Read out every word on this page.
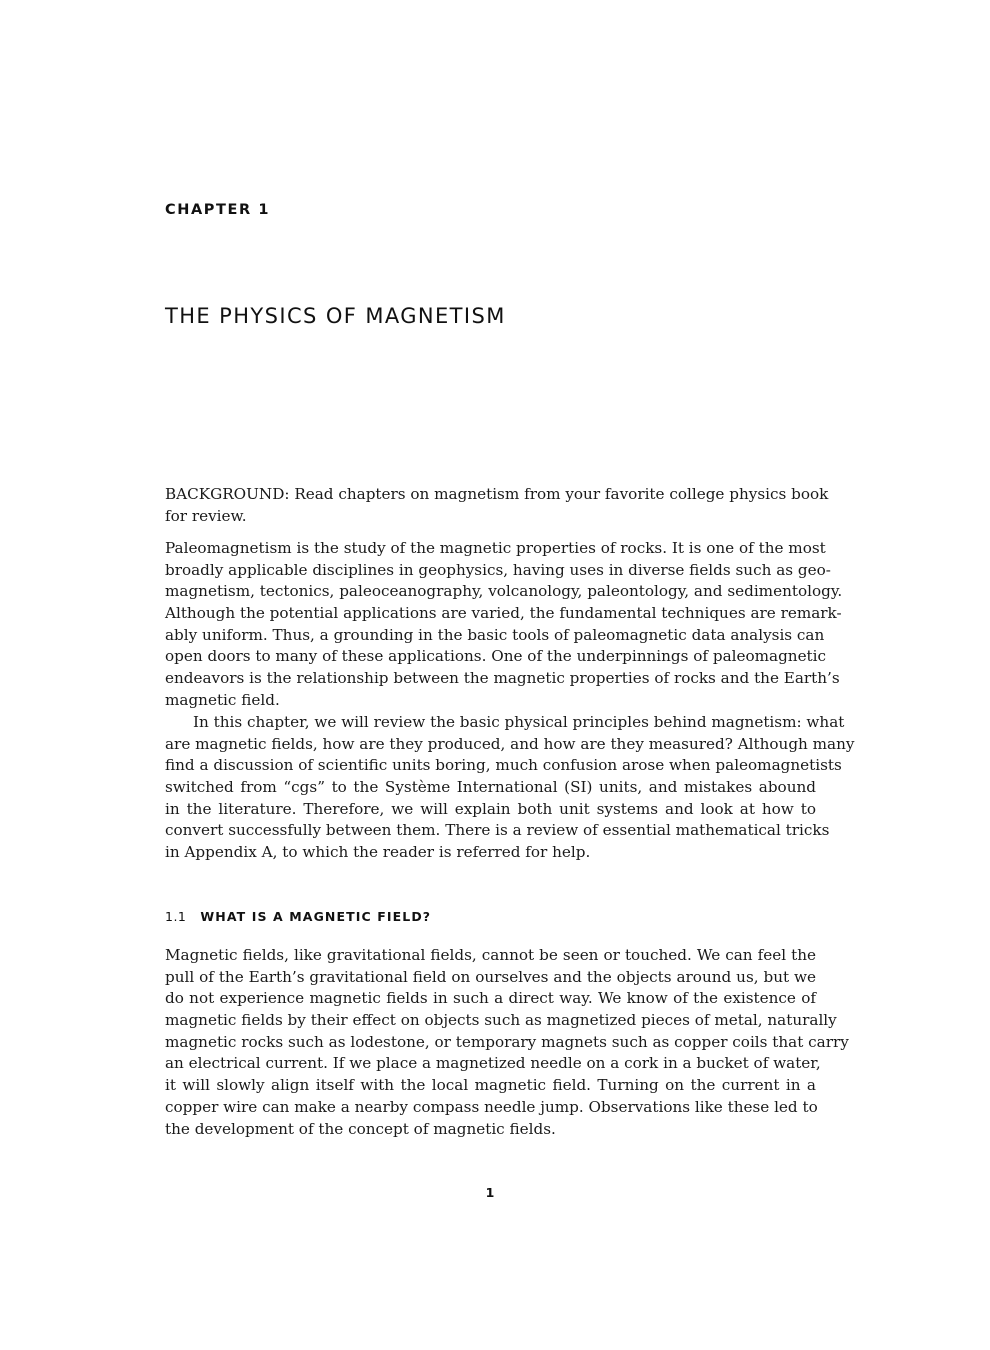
CHAPTER 1
THE PHYSICS OF MAGNETISM
BACKGROUND: Read chapters on magnetism from your favorite college physics book
for review.
Paleomagnetism is the study of the magnetic properties of rocks. It is one of the most
broadly applicable disciplines in geophysics, having uses in diverse fields such as geo-
magnetism, tectonics, paleoceanography, volcanology, paleontology, and sedimentology.
Although the potential applications are varied, the fundamental techniques are remark-
ably uniform. Thus, a grounding in the basic tools of paleomagnetic data analysis can
open doors to many of these applications. One of the underpinnings of paleomagnetic
endeavors is the relationship between the magnetic properties of rocks and the Earth’s
magnetic field.
In this chapter, we will review the basic physical principles behind magnetism: what
are magnetic fields, how are they produced, and how are they measured? Although many
find a discussion of scientific units boring, much confusion arose when paleomagnetists
switched from “cgs” to the Système International (SI) units, and mistakes abound
in the literature. Therefore, we will explain both unit systems and look at how to
convert successfully between them. There is a review of essential mathematical tricks
in Appendix A, to which the reader is referred for help.
1.1 WHAT IS A MAGNETIC FIELD?
Magnetic fields, like gravitational fields, cannot be seen or touched. We can feel the
pull of the Earth’s gravitational field on ourselves and the objects around us, but we
do not experience magnetic fields in such a direct way. We know of the existence of
magnetic fields by their effect on objects such as magnetized pieces of metal, naturally
magnetic rocks such as lodestone, or temporary magnets such as copper coils that carry
an electrical current. If we place a magnetized needle on a cork in a bucket of water,
it will slowly align itself with the local magnetic field. Turning on the current in a
copper wire can make a nearby compass needle jump. Observations like these led to
the development of the concept of magnetic fields.
1
